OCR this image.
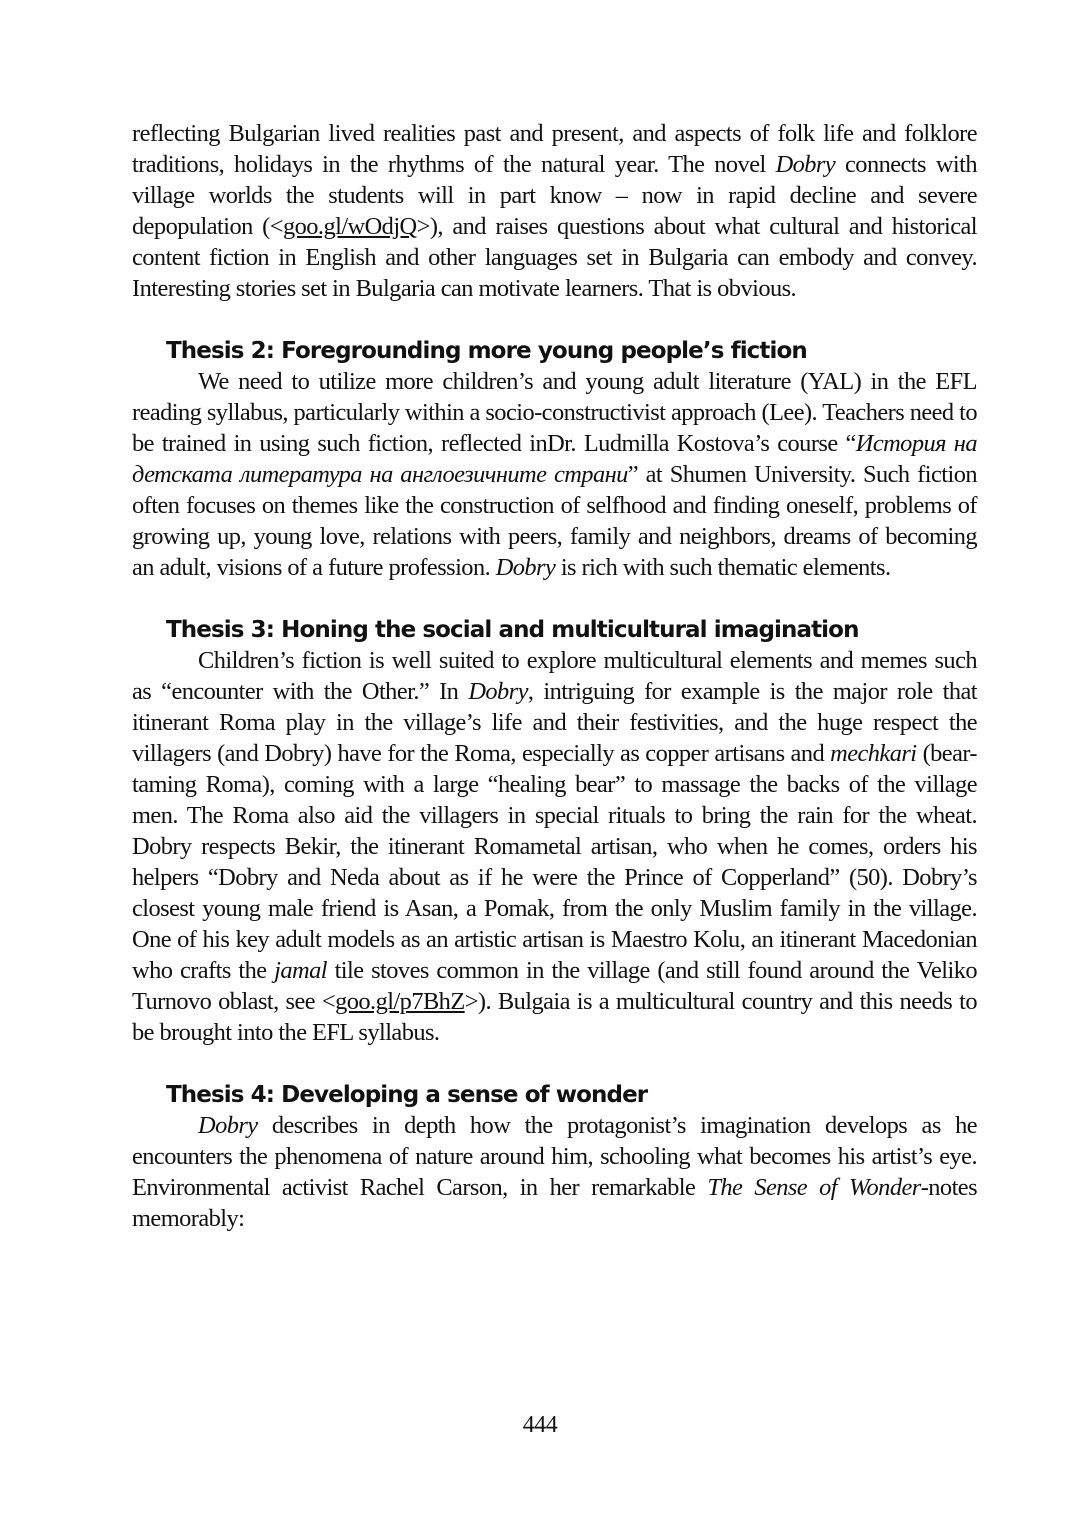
reflecting Bulgarian lived realities past and present, and aspects of folk life and folklore traditions, holidays in the rhythms of the natural year. The novel Dobry connects with village worlds the students will in part know – now in rapid decline and severe depopulation (<goo.gl/wOdjQ>), and raises questions about what cultural and historical content fiction in English and other languages set in Bulgaria can embody and convey. Interesting stories set in Bulgaria can motivate learners. That is obvious.

Thesis 2: Foregrounding more young people’s fiction

We need to utilize more children’s and young adult literature (YAL) in the EFL reading syllabus, particularly within a socio-constructivist approach (Lee). Teachers need to be trained in using such fiction, reflected inDr. Ludmilla Kostova’s course “История на детската литература на англоезичните страни” at Shumen University. Such fiction often focuses on themes like the construction of selfhood and finding oneself, problems of growing up, young love, relations with peers, family and neighbors, dreams of becoming an adult, visions of a future profession. Dobry is rich with such thematic elements.

Thesis 3: Honing the social and multicultural imagination

Children’s fiction is well suited to explore multicultural elements and memes such as “encounter with the Other.” In Dobry, intriguing for example is the major role that itinerant Roma play in the village’s life and their festivities, and the huge respect the villagers (and Dobry) have for the Roma, especially as copper artisans and mechkari (bear-taming Roma), coming with a large “healing bear” to massage the backs of the village men. The Roma also aid the villagers in special rituals to bring the rain for the wheat. Dobry respects Bekir, the itinerant Romametal artisan, who when he comes, orders his helpers “Dobry and Neda about as if he were the Prince of Copperland” (50). Dobry’s closest young male friend is Asan, a Pomak, from the only Muslim family in the village. One of his key adult models as an artistic artisan is Maestro Kolu, an itinerant Macedonian who crafts the jamal tile stoves common in the village (and still found around the Veliko Turnovo oblast, see <goo.gl/p7BhZ>). Bulgaia is a multicultural country and this needs to be brought into the EFL syllabus.

Thesis 4: Developing a sense of wonder

Dobry describes in depth how the protagonist’s imagination develops as he encounters the phenomena of nature around him, schooling what becomes his artist’s eye. Environmental activist Rachel Carson, in her remarkable The Sense of Wonder-notes memorably:

444
